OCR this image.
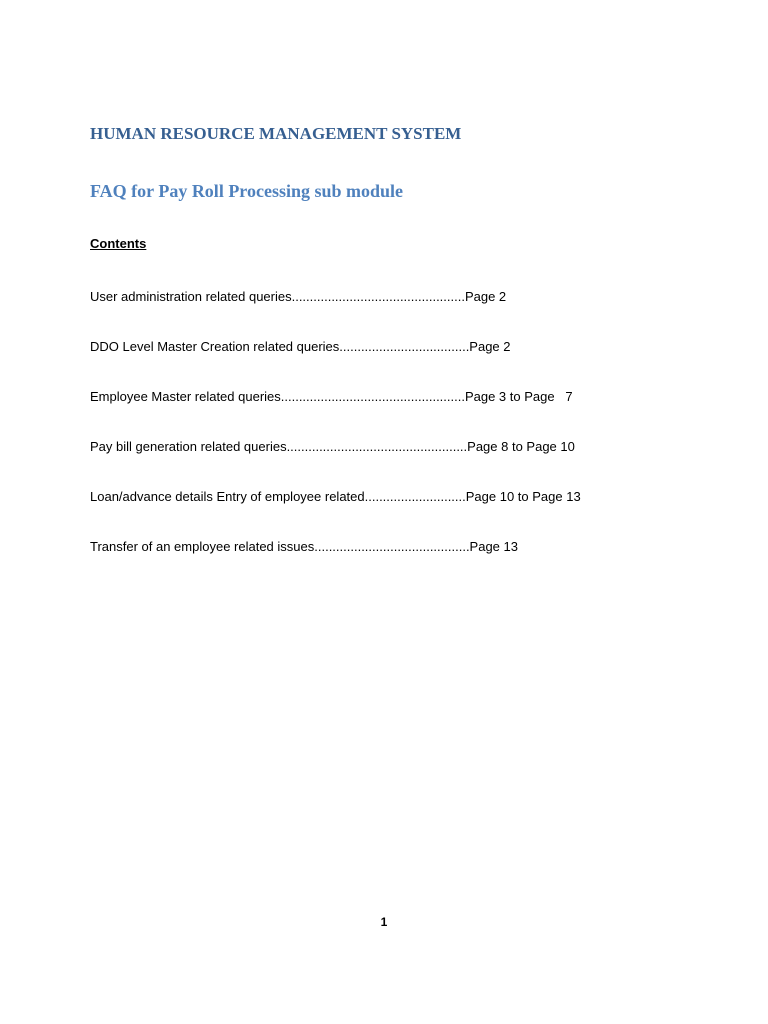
HUMAN RESOURCE MANAGEMENT SYSTEM
FAQ for Pay Roll Processing sub module
Contents
User administration related queries................................................Page 2
DDO Level Master Creation related queries....................................Page 2
Employee Master related queries...................................................Page 3 to Page   7
Pay bill generation related queries..................................................Page 8 to Page 10
Loan/advance details Entry of employee related............................Page 10 to Page 13
Transfer of an employee related issues...........................................Page 13
1
